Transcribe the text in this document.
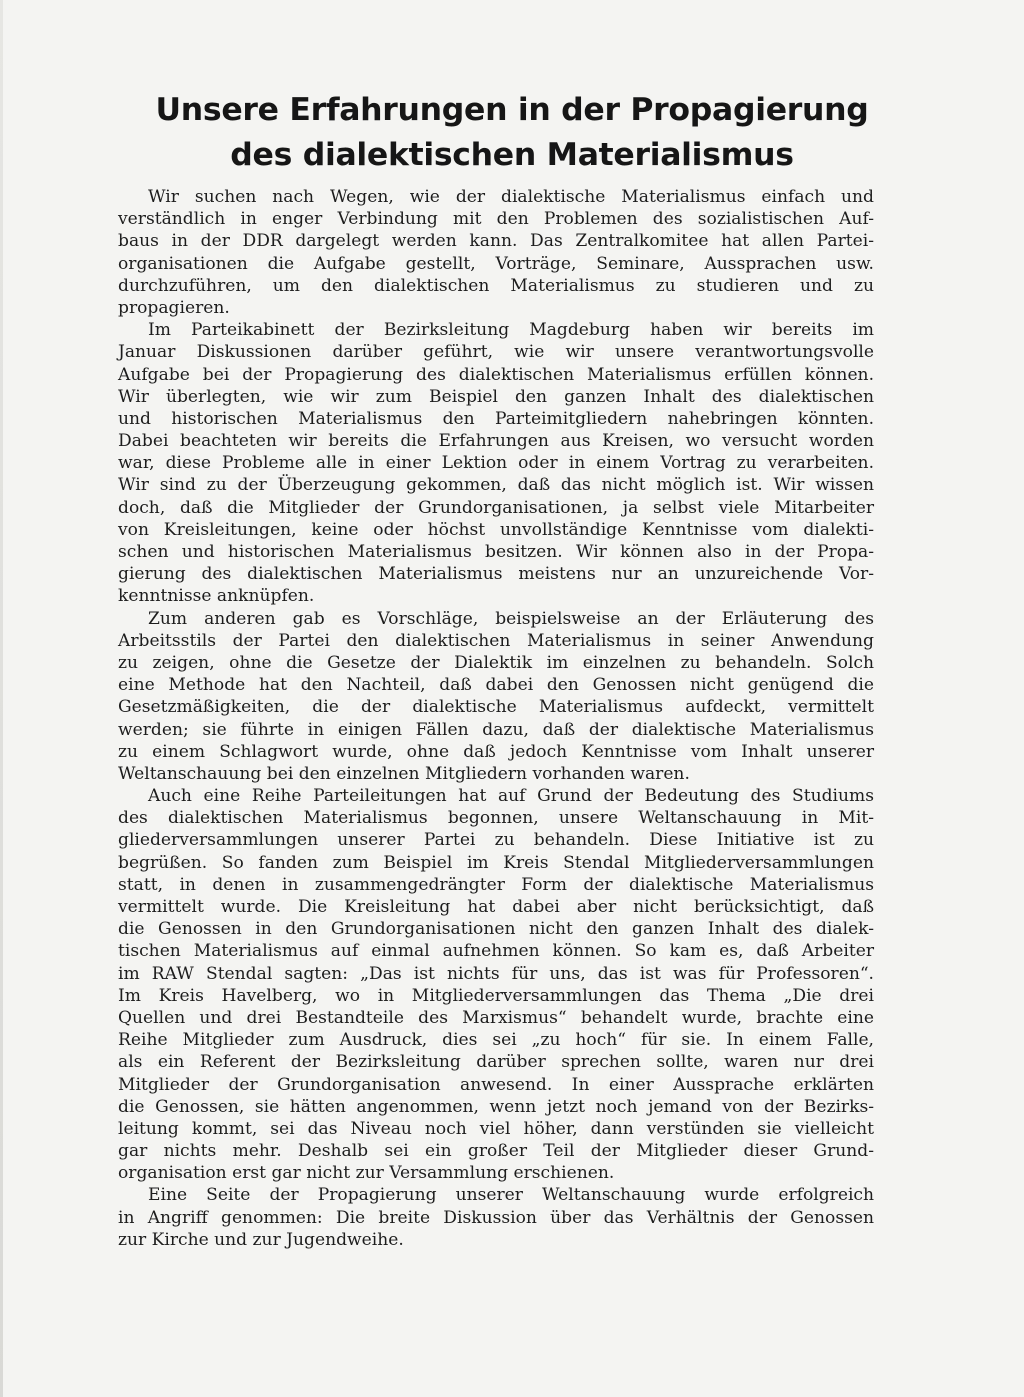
Unsere Erfahrungen in der Propagierung
des dialektischen Materialismus

Wir suchen nach Wegen, wie der dialektische Materialismus einfach und
verständlich in enger Verbindung mit den Problemen des sozialistischen Auf-
baus in der DDR dargelegt werden kann. Das Zentralkomitee hat allen Partei-
organisationen die Aufgabe gestellt, Vorträge, Seminare, Aussprachen usw.
durchzuführen, um den dialektischen Materialismus zu studieren und zu
propagieren.

Im Parteikabinett der Bezirksleitung Magdeburg haben wir bereits im
Januar Diskussionen darüber geführt, wie wir unsere verantwortungsvolle
Aufgabe bei der Propagierung des dialektischen Materialismus erfüllen können.
Wir überlegten, wie wir zum Beispiel den ganzen Inhalt des dialektischen
und historischen Materialismus den Parteimitgliedern nahebringen könnten.
Dabei beachteten wir bereits die Erfahrungen aus Kreisen, wo versucht worden
war, diese Probleme alle in einer Lektion oder in einem Vortrag zu verarbeiten.
Wir sind zu der Überzeugung gekommen, daß das nicht möglich ist. Wir wissen
doch, daß die Mitglieder der Grundorganisationen, ja selbst viele Mitarbeiter
von Kreisleitungen, keine oder höchst unvollständige Kenntnisse vom dialekti-
schen und historischen Materialismus besitzen. Wir können also in der Propa-
gierung des dialektischen Materialismus meistens nur an unzureichende Vor-
kenntnisse anknüpfen.

Zum anderen gab es Vorschläge, beispielsweise an der Erläuterung des
Arbeitsstils der Partei den dialektischen Materialismus in seiner Anwendung
zu zeigen, ohne die Gesetze der Dialektik im einzelnen zu behandeln. Solch
eine Methode hat den Nachteil, daß dabei den Genossen nicht genügend die
Gesetzmäßigkeiten, die der dialektische Materialismus aufdeckt, vermittelt
werden; sie führte in einigen Fällen dazu, daß der dialektische Materialismus
zu einem Schlagwort wurde, ohne daß jedoch Kenntnisse vom Inhalt unserer
Weltanschauung bei den einzelnen Mitgliedern vorhanden waren.

Auch eine Reihe Parteileitungen hat auf Grund der Bedeutung des Studiums
des dialektischen Materialismus begonnen, unsere Weltanschauung in Mit-
gliederversammlungen unserer Partei zu behandeln. Diese Initiative ist zu
begrüßen. So fanden zum Beispiel im Kreis Stendal Mitgliederversammlungen
statt, in denen in zusammengedrängter Form der dialektische Materialismus
vermittelt wurde. Die Kreisleitung hat dabei aber nicht berücksichtigt, daß
die Genossen in den Grundorganisationen nicht den ganzen Inhalt des dialek-
tischen Materialismus auf einmal aufnehmen können. So kam es, daß Arbeiter
im RAW Stendal sagten: „Das ist nichts für uns, das ist was für Professoren“.
Im Kreis Havelberg, wo in Mitgliederversammlungen das Thema „Die drei
Quellen und drei Bestandteile des Marxismus“ behandelt wurde, brachte eine
Reihe Mitglieder zum Ausdruck, dies sei „zu hoch“ für sie. In einem Falle,
als ein Referent der Bezirksleitung darüber sprechen sollte, waren nur drei
Mitglieder der Grundorganisation anwesend. In einer Aussprache erklärten
die Genossen, sie hätten angenommen, wenn jetzt noch jemand von der Bezirks-
leitung kommt, sei das Niveau noch viel höher, dann verstünden sie vielleicht
gar nichts mehr. Deshalb sei ein großer Teil der Mitglieder dieser Grund-
organisation erst gar nicht zur Versammlung erschienen.

Eine Seite der Propagierung unserer Weltanschauung wurde erfolgreich
in Angriff genommen: Die breite Diskussion über das Verhältnis der Genossen
zur Kirche und zur Jugendweihe.
